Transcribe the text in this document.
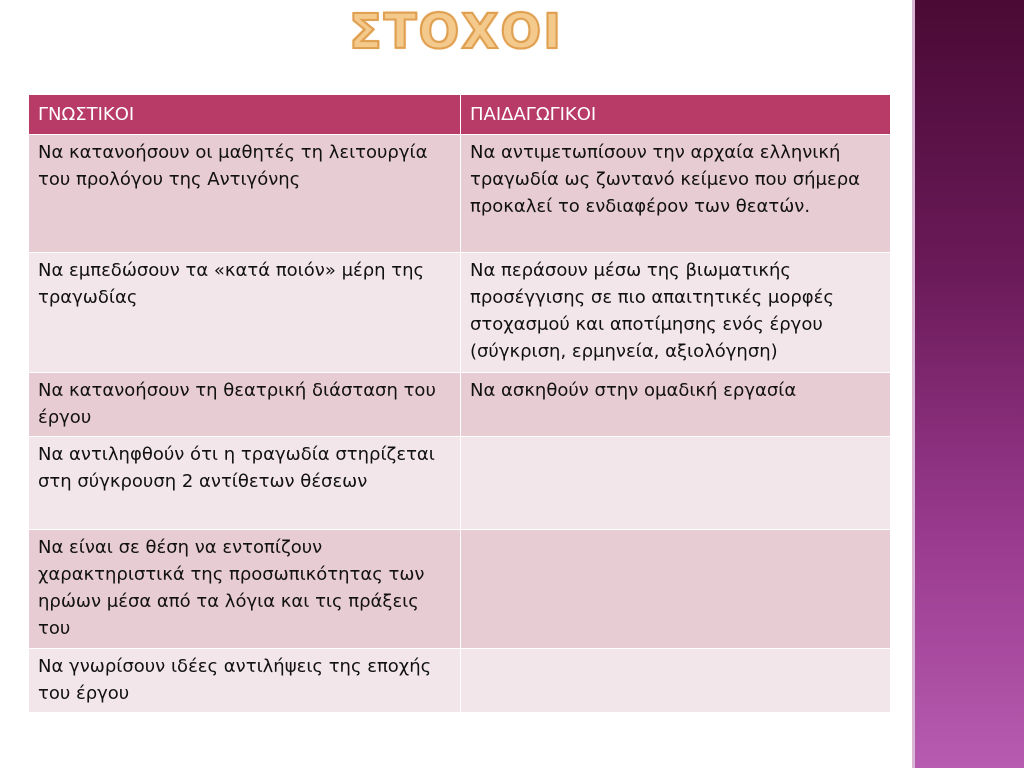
ΣΤΟΧΟΙ
ΓΝΩΣΤΙΚΟΙ	ΠΑΙΔΑΓΩΓΙΚΟΙ
Να κατανοήσουν οι μαθητές τη λειτουργία του προλόγου της Αντιγόνης	Να αντιμετωπίσουν την αρχαία ελληνική τραγωδία ως ζωντανό κείμενο που σήμερα προκαλεί το ενδιαφέρον των θεατών.
Να εμπεδώσουν τα «κατά ποιόν» μέρη της τραγωδίας	Να περάσουν μέσω της βιωματικής προσέγγισης σε πιο απαιτητικές μορφές στοχασμού και αποτίμησης ενός έργου (σύγκριση, ερμηνεία, αξιολόγηση)
Να κατανοήσουν τη θεατρική διάσταση του έργου	Να ασκηθούν στην ομαδική εργασία
Να αντιληφθούν ότι η τραγωδία στηρίζεται στη σύγκρουση 2 αντίθετων θέσεων	
Να είναι σε θέση να εντοπίζουν χαρακτηριστικά της προσωπικότητας των ηρώων μέσα από τα λόγια και τις πράξεις του	
Να γνωρίσουν ιδέες αντιλήψεις της εποχής του έργου	
